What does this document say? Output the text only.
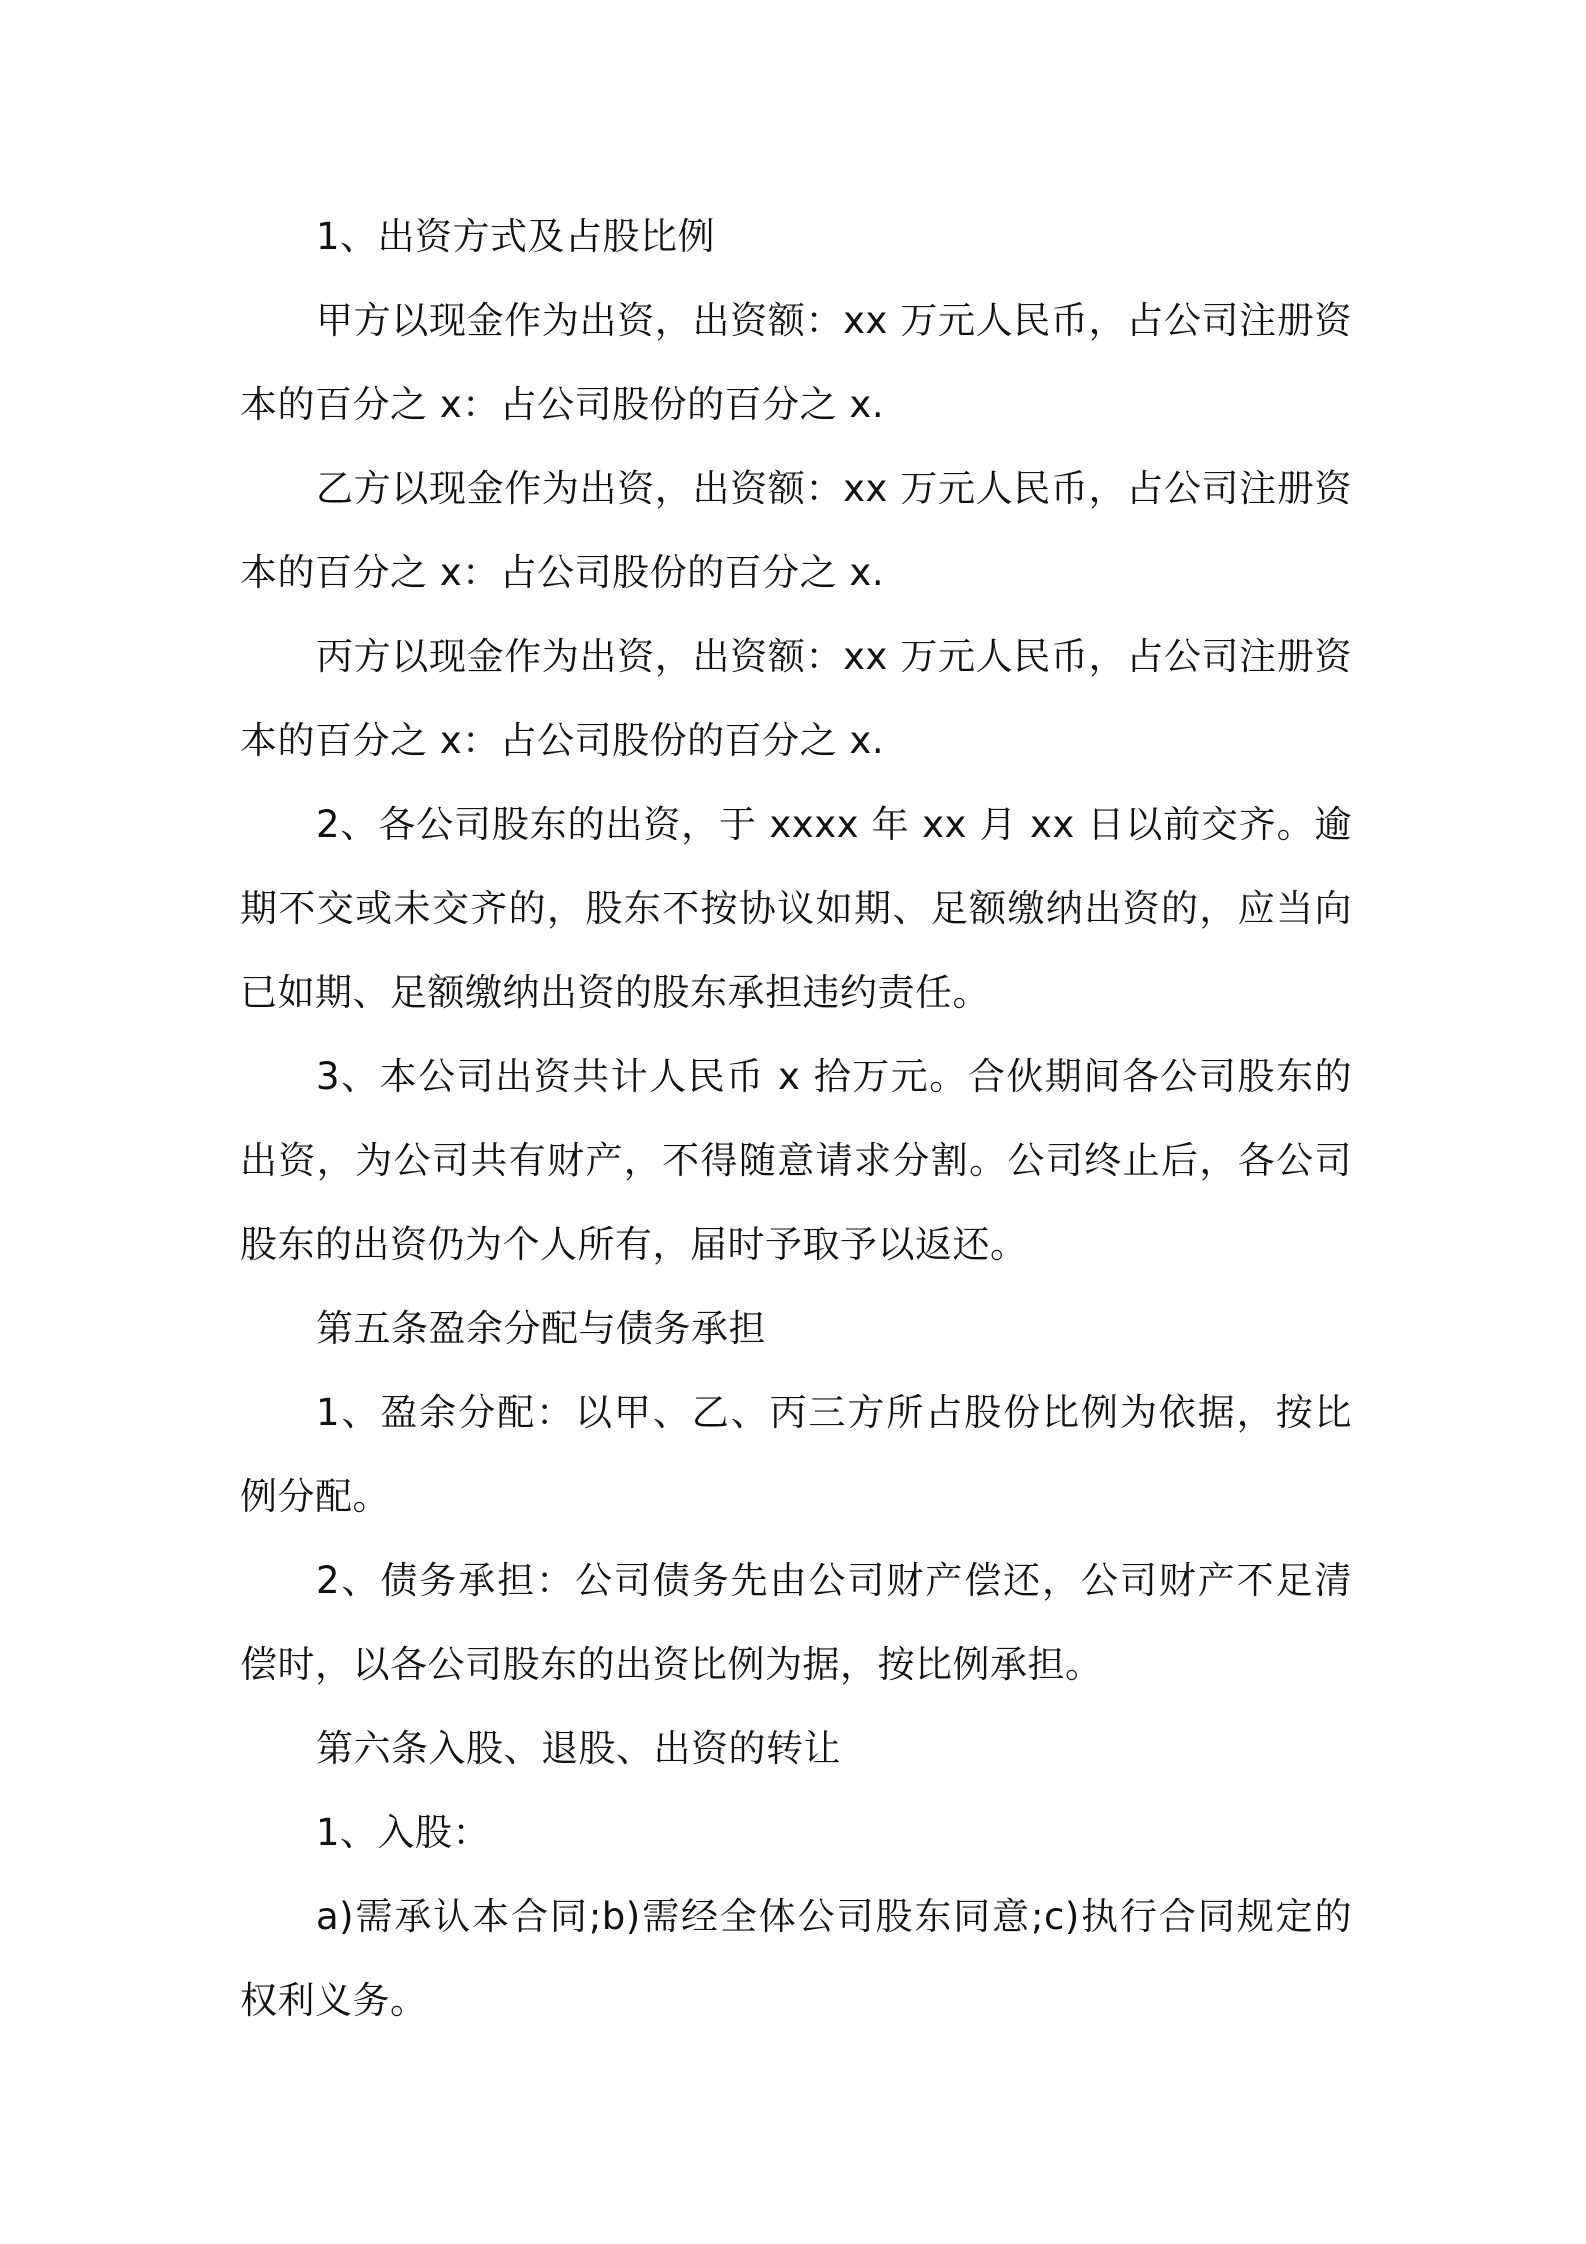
1、出资方式及占股比例

甲方以现金作为出资，出资额：xx 万元人民币，占公司注册资本的百分之 x：占公司股份的百分之 x.

乙方以现金作为出资，出资额：xx 万元人民币，占公司注册资本的百分之 x：占公司股份的百分之 x.

丙方以现金作为出资，出资额：xx 万元人民币，占公司注册资本的百分之 x：占公司股份的百分之 x.

2、各公司股东的出资，于 xxxx 年 xx 月 xx 日以前交齐。逾期不交或未交齐的，股东不按协议如期、足额缴纳出资的，应当向已如期、足额缴纳出资的股东承担违约责任。

3、本公司出资共计人民币 x 拾万元。合伙期间各公司股东的出资，为公司共有财产，不得随意请求分割。公司终止后，各公司股东的出资仍为个人所有，届时予取予以返还。

第五条盈余分配与债务承担

1、盈余分配：以甲、乙、丙三方所占股份比例为依据，按比例分配。

2、债务承担：公司债务先由公司财产偿还，公司财产不足清偿时，以各公司股东的出资比例为据，按比例承担。

第六条入股、退股、出资的转让

1、入股：

a)需承认本合同;b)需经全体公司股东同意;c)执行合同规定的权利义务。
